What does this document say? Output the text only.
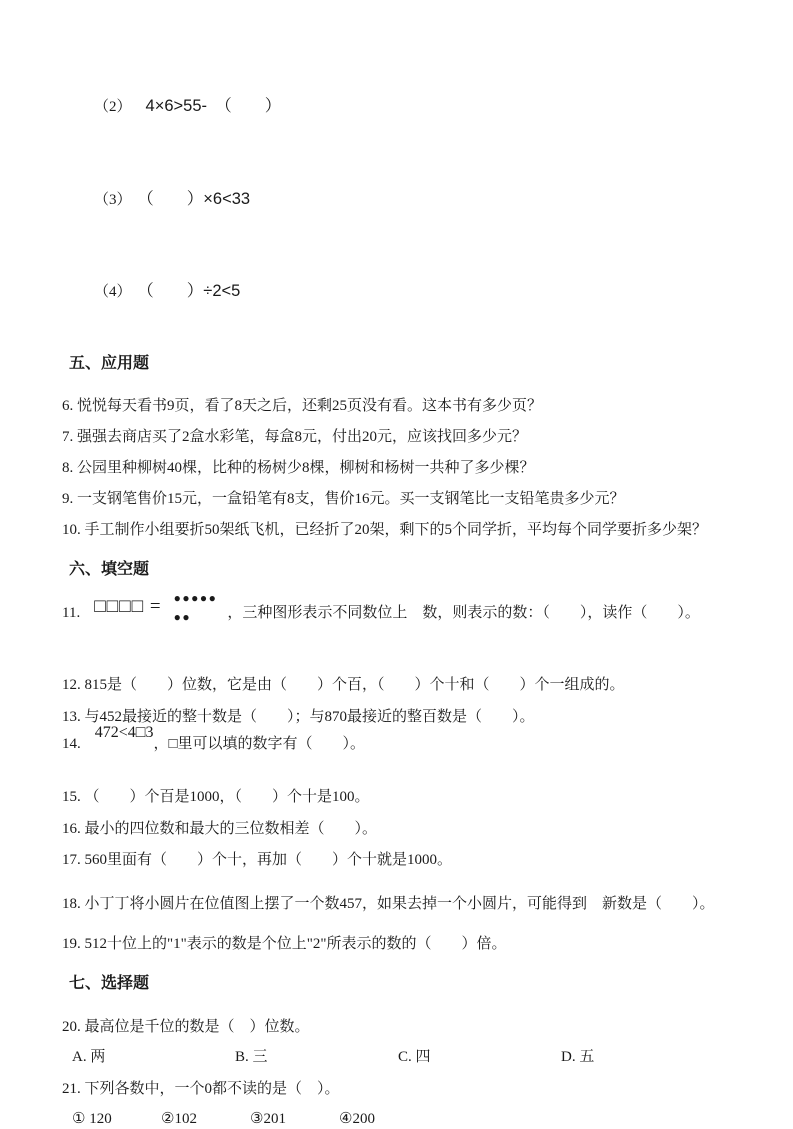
（2） 4×6>55-　（　　）

（3） （　　）×6<33

（4） （　　）÷2<5

五、应用题

6. 悦悦每天看书9页，看了8天之后，还剩25页没有看。这本书有多少页？

7. 强强去商店买了2盒水彩笔，每盒8元，付出20元，应该找回多少元？

8. 公园里种柳树40棵，比种的杨树少8棵，柳树和杨树一共种了多少棵？

9. 一支钢笔售价15元，一盒铅笔有8支，售价16元。买一支钢笔比一支铅笔贵多少元？

10. 手工制作小组要折50架纸飞机，已经折了20架，剩下的5个同学折，平均每个同学要折多少架？

六、填空题
11. □□□□ = ●●●●●
●●	，三种图形表示不同数位上　数，则表示的数：（　　），读作（　　）。

12. 815是（　　）位数，它是由（　　）个百，（　　）个十和（　　）个一组成的。

13. 与452最接近的整十数是（　　）；与870最接近的整百数是（　　）。

14.
472<4□3
，□里可以填的数字有（　　）。

15. （　　）个百是1000，（　　）个十是100。

16. 最小的四位数和最大的三位数相差（　　）。

17. 560里面有（　　）个十，再加（　　）个十就是1000。

18. 小丁丁将小圆片在位值图上摆了一个数457，如果去掉一个小圆片，可能得到　新数是（　　）。

19. 512十位上的"1"表示的数是个位上"2"所表示的数的（　　）倍。

七、选择题

20. 最高位是千位的数是（　）位数。

A. 两	B. 三	C. 四	D. 五

21. 下列各数中，一个0都不读的是（　）。

① 120	②102	③201	④200
